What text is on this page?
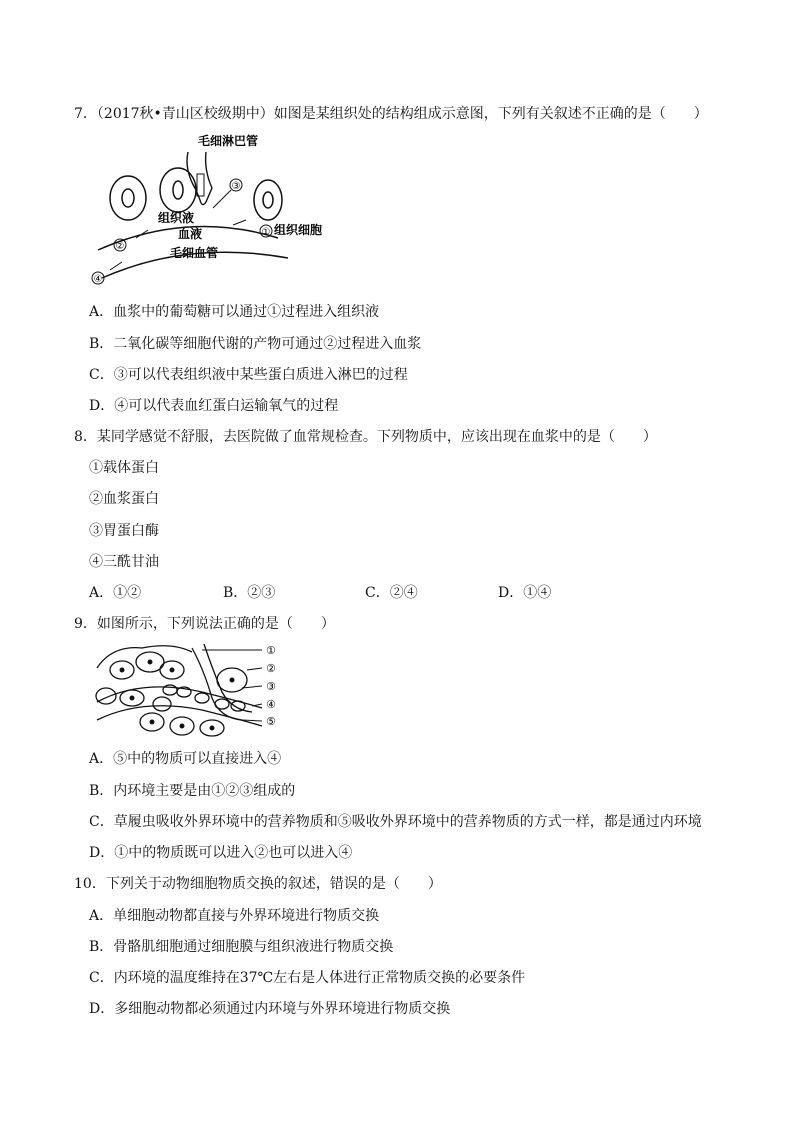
7．（2017秋•青山区校级期中）如图是某组织处的结构组成示意图，下列有关叙述不正确的是（　　）
毛细淋巴管
③
组织液
血液
毛细血管
组织细胞
①
②
④
A．血浆中的葡萄糖可以通过①过程进入组织液
B．二氧化碳等细胞代谢的产物可通过②过程进入血浆
C．③可以代表组织液中某些蛋白质进入淋巴的过程
D．④可以代表血红蛋白运输氧气的过程
8．某同学感觉不舒服，去医院做了血常规检查。下列物质中，应该出现在血浆中的是（　　）
①载体蛋白
②血浆蛋白
③胃蛋白酶
④三酰甘油
A．①②	B．②③	C．②④	D．①④
9．如图所示，下列说法正确的是（　　）
①
②
③
④
⑤
A．⑤中的物质可以直接进入④
B．内环境主要是由①②③组成的
C．草履虫吸收外界环境中的营养物质和⑤吸收外界环境中的营养物质的方式一样，都是通过内环境
D．①中的物质既可以进入②也可以进入④
10．下列关于动物细胞物质交换的叙述，错误的是（　　）
A．单细胞动物都直接与外界环境进行物质交换
B．骨骼肌细胞通过细胞膜与组织液进行物质交换
C．内环境的温度维持在37℃左右是人体进行正常物质交换的必要条件
D．多细胞动物都必须通过内环境与外界环境进行物质交换
